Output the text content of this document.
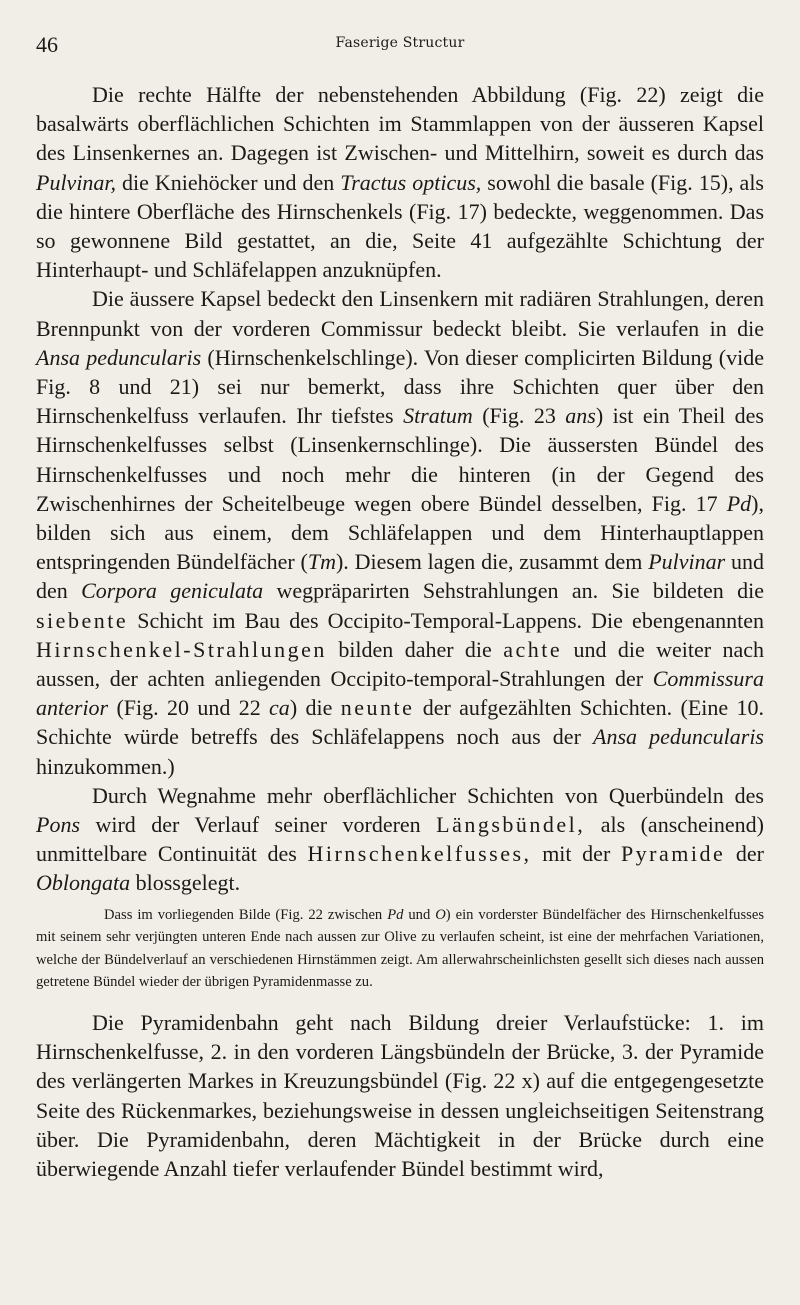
46	Faserige Structur

Die rechte Hälfte der nebenstehenden Abbildung (Fig. 22) zeigt die basalwärts oberflächlichen Schichten im Stammlappen von der äusseren Kapsel des Linsenkernes an. Dagegen ist Zwischen- und Mittelhirn, soweit es durch das Pulvinar, die Kniehöcker und den Tractus opticus, sowohl die basale (Fig. 15), als die hintere Oberfläche des Hirnschenkels (Fig. 17) bedeckte, weggenommen. Das so gewonnene Bild gestattet, an die, Seite 41 aufgezählte Schichtung der Hinterhaupt- und Schläfelappen anzuknüpfen.

Die äussere Kapsel bedeckt den Linsenkern mit radiären Strahlungen, deren Brennpunkt von der vorderen Commissur bedeckt bleibt. Sie verlaufen in die Ansa peduncularis (Hirnschenkelschlinge). Von dieser complicirten Bildung (vide Fig. 8 und 21) sei nur bemerkt, dass ihre Schichten quer über den Hirnschenkelfuss verlaufen. Ihr tiefstes Stratum (Fig. 23 ans) ist ein Theil des Hirnschenkelfusses selbst (Linsenkernschlinge). Die äussersten Bündel des Hirnschenkelfusses und noch mehr die hinteren (in der Gegend des Zwischenhirnes der Scheitelbeuge wegen obere Bündel desselben, Fig. 17 Pd), bilden sich aus einem, dem Schläfelappen und dem Hinterhauptlappen entspringenden Bündelfächer (Tm). Diesem lagen die, zusammt dem Pulvinar und den Corpora geniculata wegpräparirten Sehstrahlungen an. Sie bildeten die siebente Schicht im Bau des Occipito-Temporal-Lappens. Die ebengenannten Hirnschenkel-Strahlungen bilden daher die achte und die weiter nach aussen, der achten anliegenden Occipito-temporal-Strahlungen der Commissura anterior (Fig. 20 und 22 ca) die neunte der aufgezählten Schichten. (Eine 10. Schichte würde betreffs des Schläfelappens noch aus der Ansa peduncularis hinzukommen.)

Durch Wegnahme mehr oberflächlicher Schichten von Querbündeln des Pons wird der Verlauf seiner vorderen Längsbündel, als (anscheinend) unmittelbare Continuität des Hirnschenkelfusses, mit der Pyramide der Oblongata blossgelegt.

Dass im vorliegenden Bilde (Fig. 22 zwischen Pd und O) ein vorderster Bündelfächer des Hirnschenkelfusses mit seinem sehr verjüngten unteren Ende nach aussen zur Olive zu verlaufen scheint, ist eine der mehrfachen Variationen, welche der Bündelverlauf an verschiedenen Hirnstämmen zeigt. Am allerwahrscheinlichsten gesellt sich dieses nach aussen getretene Bündel wieder der übrigen Pyramidenmasse zu.

Die Pyramidenbahn geht nach Bildung dreier Verlaufstücke: 1. im Hirnschenkelfusse, 2. in den vorderen Längsbündeln der Brücke, 3. der Pyramide des verlängerten Markes in Kreuzungsbündel (Fig. 22 x) auf die entgegengesetzte Seite des Rückenmarkes, beziehungsweise in dessen ungleichseitigen Seitenstrang über. Die Pyramidenbahn, deren Mächtigkeit in der Brücke durch eine überwiegende Anzahl tiefer verlaufender Bündel bestimmt wird,
